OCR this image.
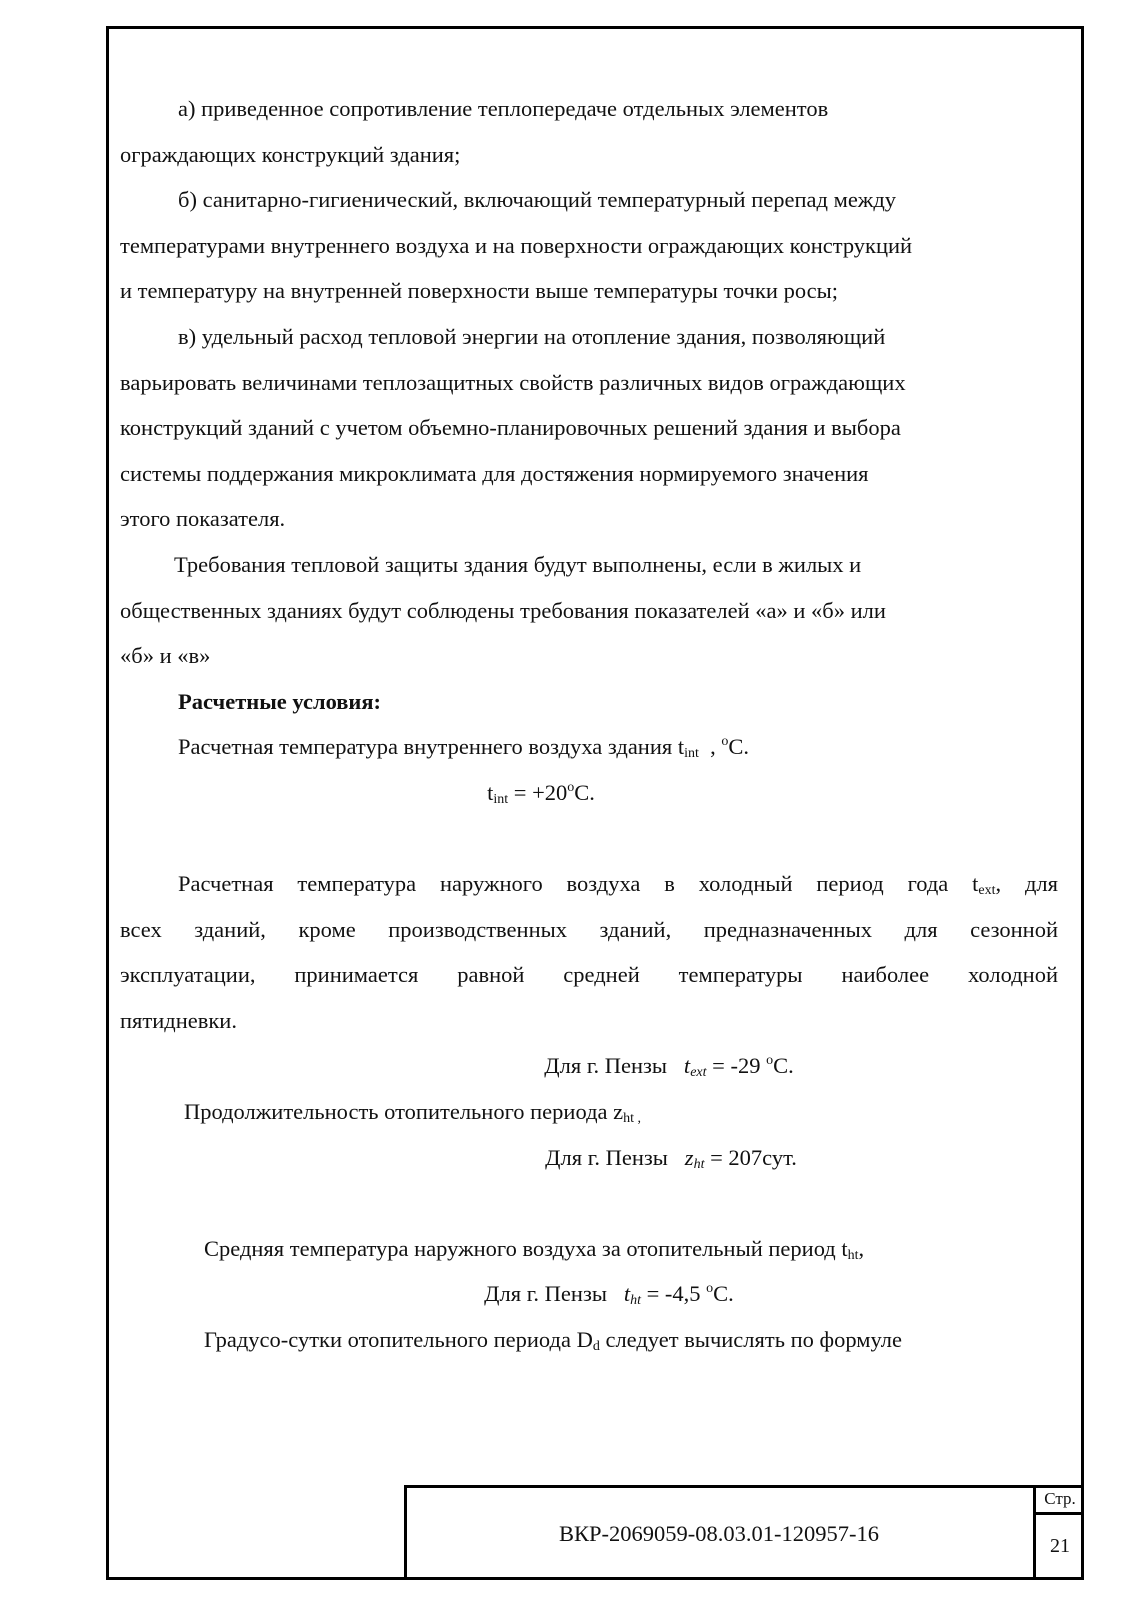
а) приведенное сопротивление теплопередаче отдельных элементов

ограждающих конструкций здания;

б) санитарно-гигиенический, включающий температурный перепад между

температурами внутреннего воздуха и на поверхности ограждающих конструкций

и температуру на внутренней поверхности выше температуры точки росы;

в) удельный расход тепловой энергии на отопление здания, позволяющий

варьировать величинами теплозащитных свойств различных видов ограждающих

конструкций зданий с учетом объемно-планировочных решений здания и выбора

системы поддержания микроклимата для достяжения нормируемого значения

этого показателя.

Требования тепловой защиты здания будут выполнены, если в жилых и

общественных зданиях будут соблюдены требования показателей «а» и «б» или

«б» и «в»

Расчетные условия:

Расчетная температура внутреннего воздуха здания $t_{int}$  , $^o$C.

$t_{int} = +20^oC$.

Расчетная температура наружного воздуха в холодный период года $t_{ext}$, для

всех зданий, кроме производственных зданий, предназначенных для сезонной

эксплуатации, принимается равной средней температуры наиболее холодной

пятидневки.

Для г. Пензы   $t_{ext} = -29$ $^o$C.

Продолжительность отопительного периода $z_{ht ,}$

Для г. Пензы   $z_{ht} = 207сут$.

Средняя температура наружного воздуха за отопительный период $t_{ht}$,

Для г. Пензы   $t_{ht} = -4,5$ $^o$C.

Градусо-сутки отопительного периода $D_d$ следует вычислять по формуле

ВКР-2069059-08.03.01-120957-16
Стр.
21
